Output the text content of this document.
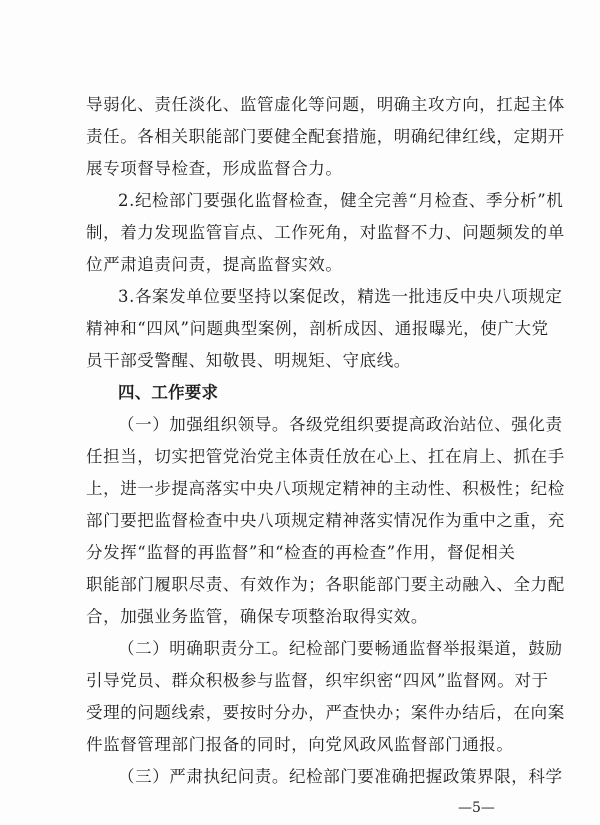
导弱化、责任淡化、监管虚化等问题，明确主攻方向，扛起主体
责任。各相关职能部门要健全配套措施，明确纪律红线，定期开
展专项督导检查，形成监督合力。
2.纪检部门要强化监督检查，健全完善“月检查、季分析”机
制，着力发现监管盲点、工作死角，对监督不力、问题频发的单
位严肃追责问责，提高监督实效。
3.各案发单位要坚持以案促改，精选一批违反中央八项规定
精神和“四风”问题典型案例，剖析成因、通报曝光，使广大党
员干部受警醒、知敬畏、明规矩、守底线。
四、工作要求
（一）加强组织领导。各级党组织要提高政治站位、强化责
任担当，切实把管党治党主体责任放在心上、扛在肩上、抓在手
上，进一步提高落实中央八项规定精神的主动性、积极性；纪检
部门要把监督检查中央八项规定精神落实情况作为重中之重，充
分发挥“监督的再监督”和“检查的再检查”作用，督促相关
职能部门履职尽责、有效作为；各职能部门要主动融入、全力配
合，加强业务监管，确保专项整治取得实效。
（二）明确职责分工。纪检部门要畅通监督举报渠道，鼓励
引导党员、群众积极参与监督，织牢织密“四风”监督网。对于
受理的问题线索，要按时分办，严查快办；案件办结后，在向案
件监督管理部门报备的同时，向党风政风监督部门通报。
（三）严肃执纪问责。纪检部门要准确把握政策界限，科学
—5—
